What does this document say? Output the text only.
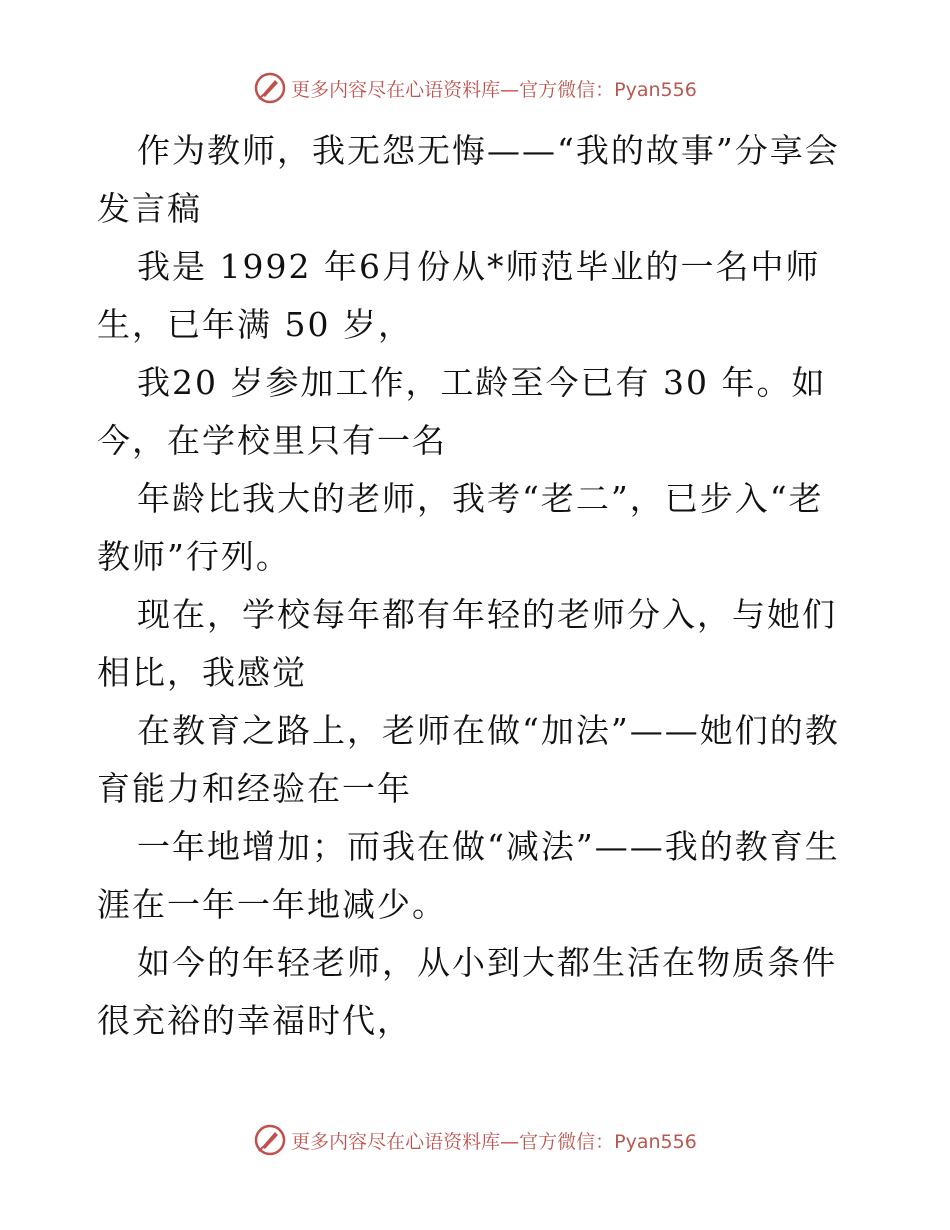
更多内容尽在心语资料库— 官方微信：Pyan556

作为教师，我无怨无悔——“我的故事”分享会发言稿

我是 1992 年6月份从*师范毕业的一名中师生，已年满 50 岁，

我20 岁参加工作，工龄至今已有 30 年。如今，在学校里只有一名

年龄比我大的老师，我考“老二”，已步入“老教师”行列。

现在，学校每年都有年轻的老师分入，与她们相比，我感觉

在教育之路上，老师在做“加法”——她们的教育能力和经验在一年

一年地增加；而我在做“减法”——我的教育生涯在一年一年地减少。

如今的年轻老师，从小到大都生活在物质条件很充裕的幸福时代，

更多内容尽在心语资料库— 官方微信：Pyan556
